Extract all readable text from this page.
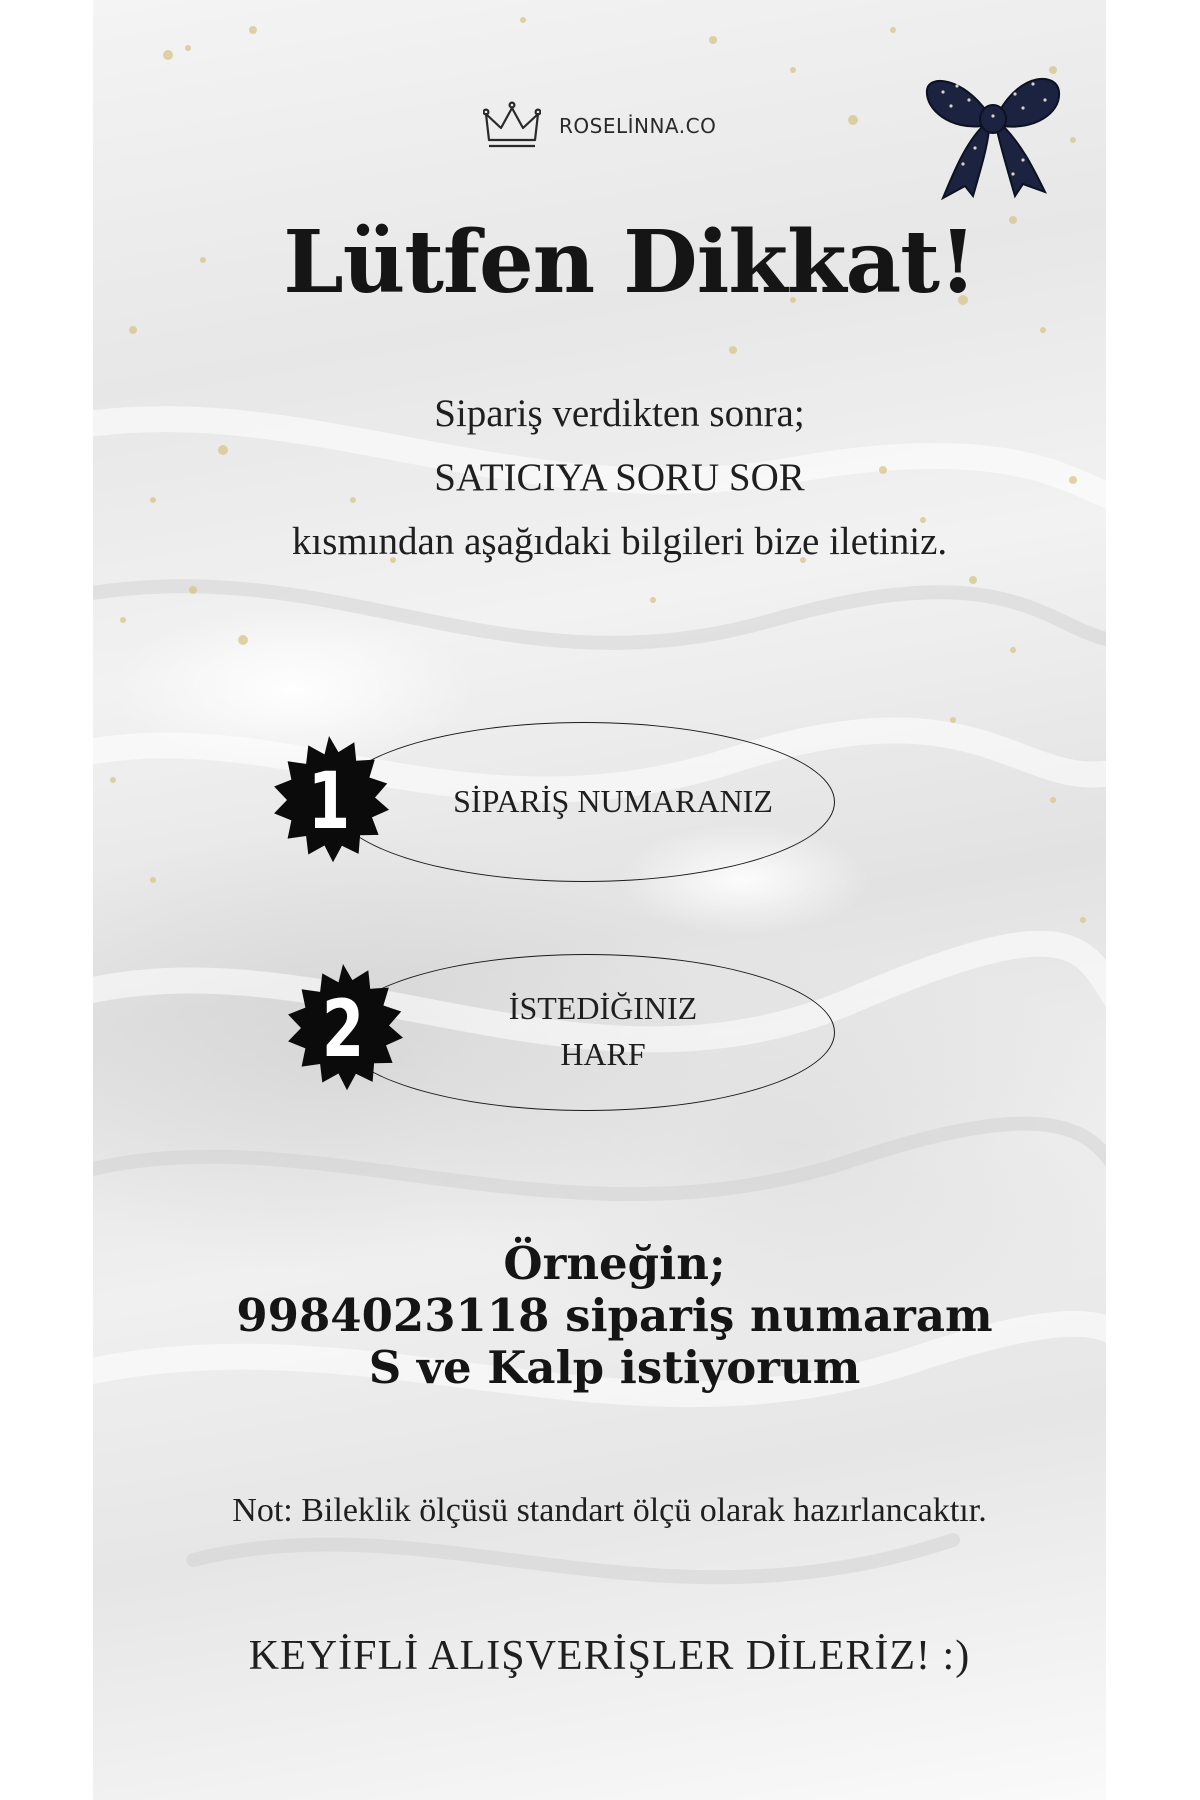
ROSELİNNA.CO
Lütfen Dikkat!
Sipariş verdikten sonra;
SATICIYA SORU SOR
kısmından aşağıdaki bilgileri bize iletiniz.
SİPARİŞ NUMARANIZ
1
İSTEDİĞINIZ
HARF
2
Örneğin;
9984023118 sipariş numaram
S ve Kalp istiyorum
Not: Bileklik ölçüsü standart ölçü olarak hazırlancaktır.
KEYİFLİ ALIŞVERİŞLER DİLERİZ! :)
